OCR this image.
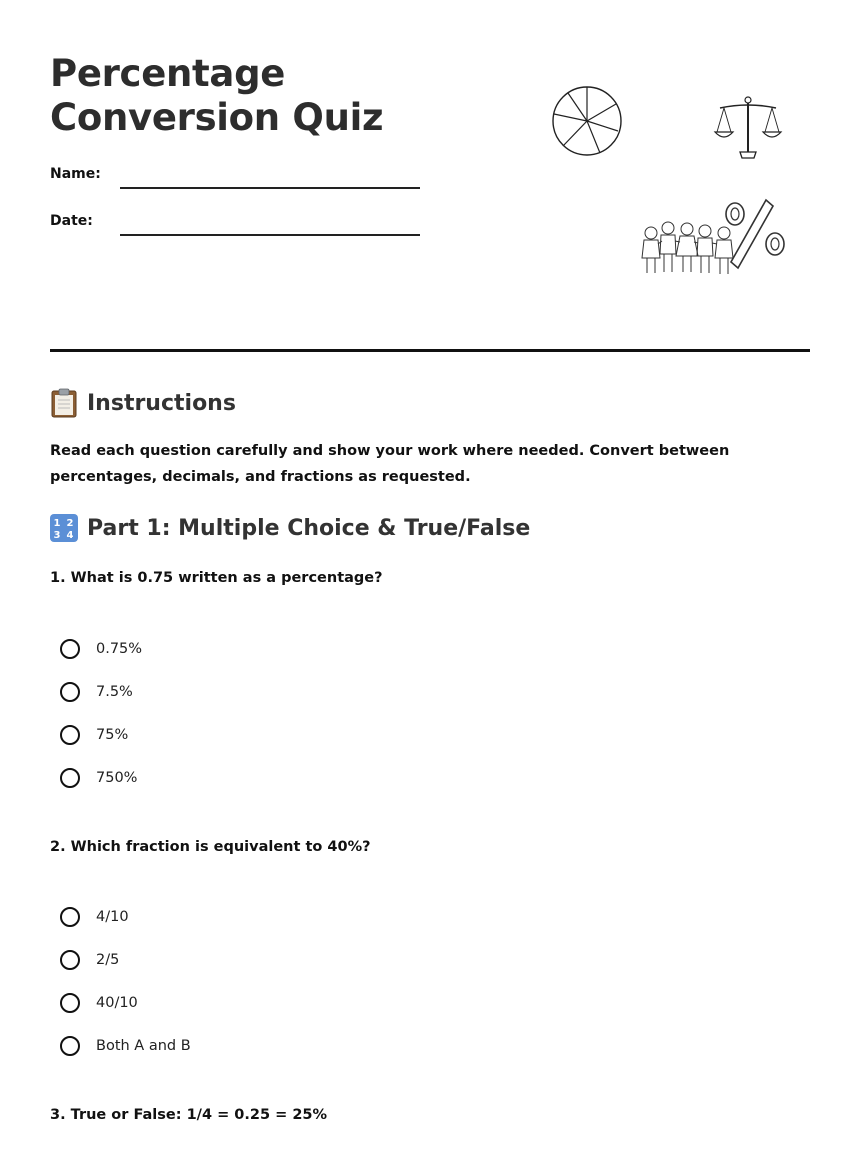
Percentage Conversion Quiz
Name:
Date:
Instructions

Read each question carefully and show your work where needed. Convert between percentages, decimals, and fractions as requested.

1 2
3 4 Part 1: Multiple Choice & True/False
1. What is 0.75 written as a percentage?
0.75%
7.5%
75%
750%
2. Which fraction is equivalent to 40%?
4/10
2/5
40/10
Both A and B
3. True or False: 1/4 = 0.25 = 25%
